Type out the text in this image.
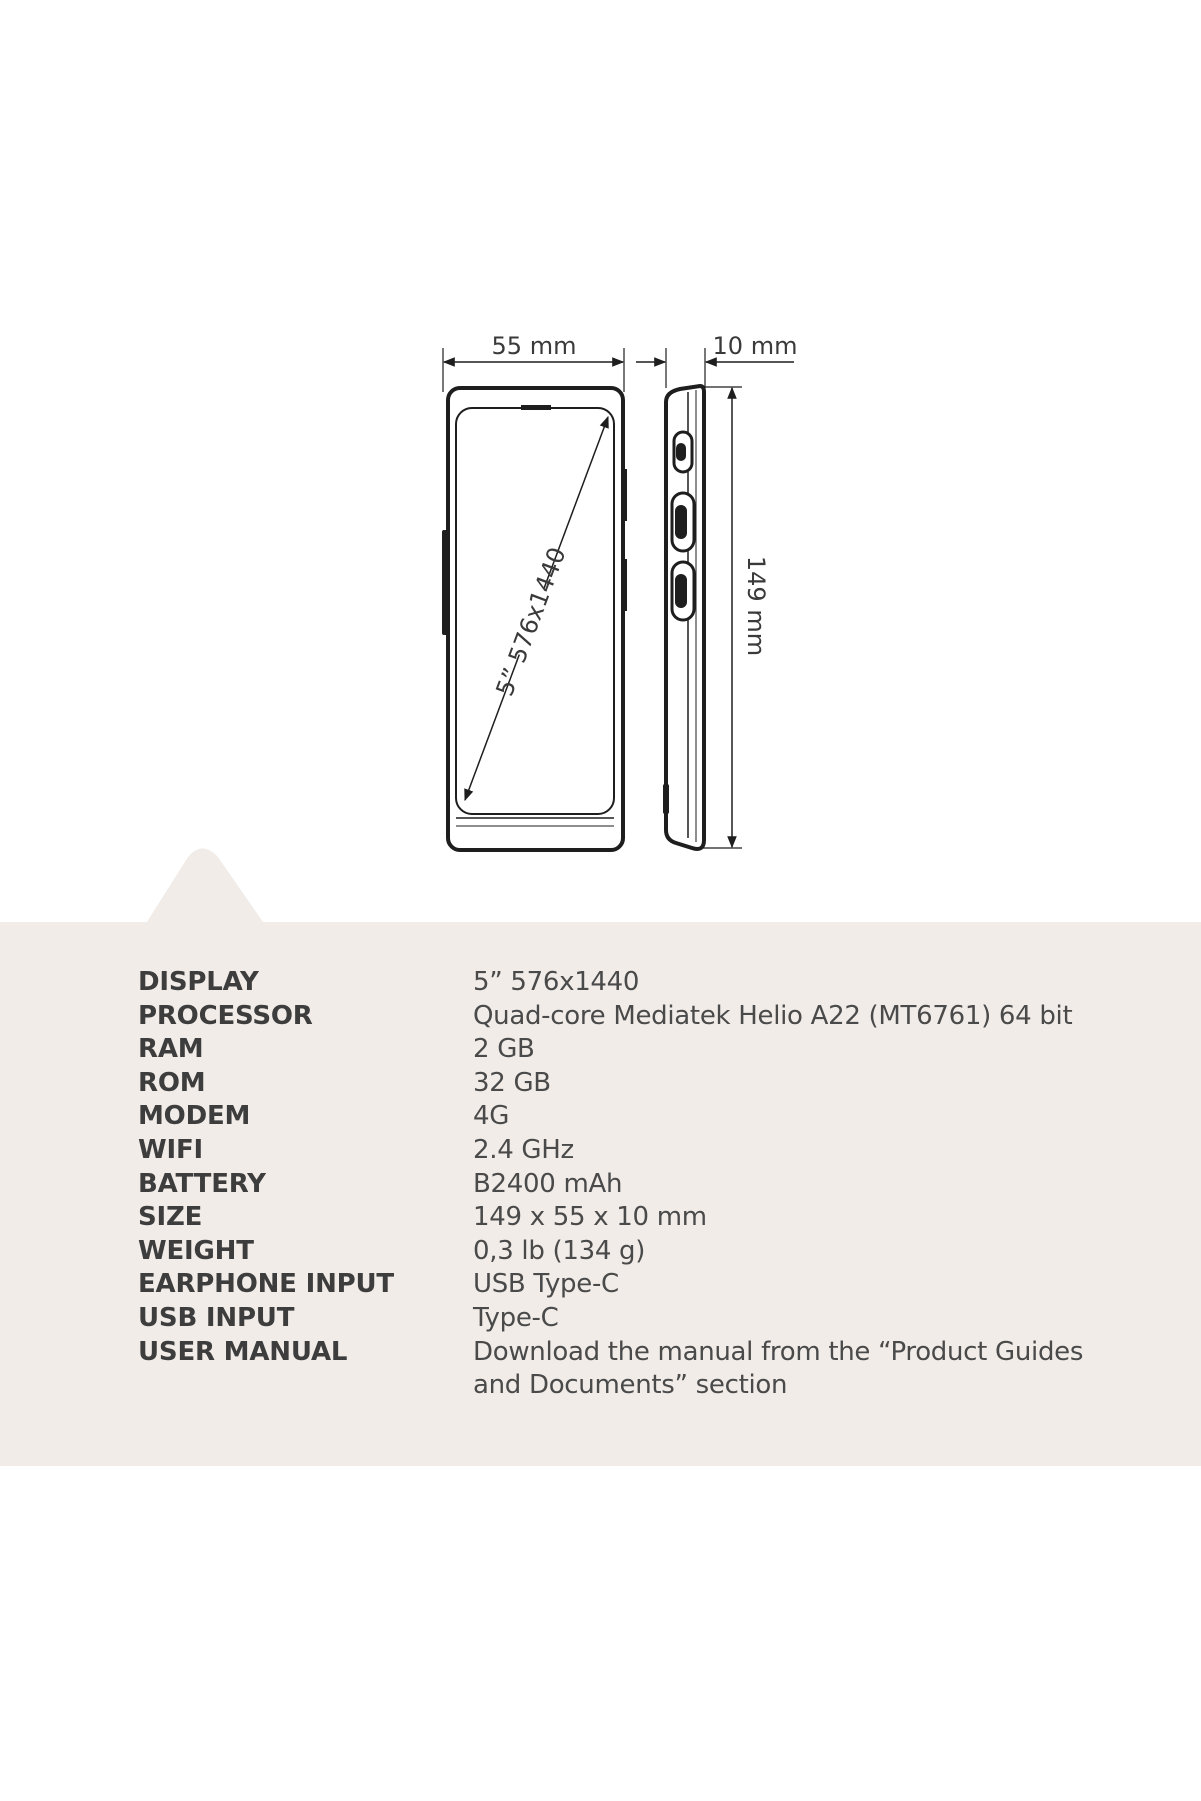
5” 576x1440
55 mm	10 mm
149 mm
DISPLAY	5” 576x1440
PROCESSOR	Quad-core Mediatek Helio A22 (MT6761) 64 bit
RAM	2 GB
ROM	32 GB
MODEM	4G
WIFI	2.4 GHz
BATTERY	B2400 mAh
SIZE	149 x 55 x 10 mm
WEIGHT	0,3 lb (134 g)
EARPHONE INPUT	USB Type-C
USB INPUT	Type-C
USER MANUAL	Download the manual from the “Product Guides and Documents” section
